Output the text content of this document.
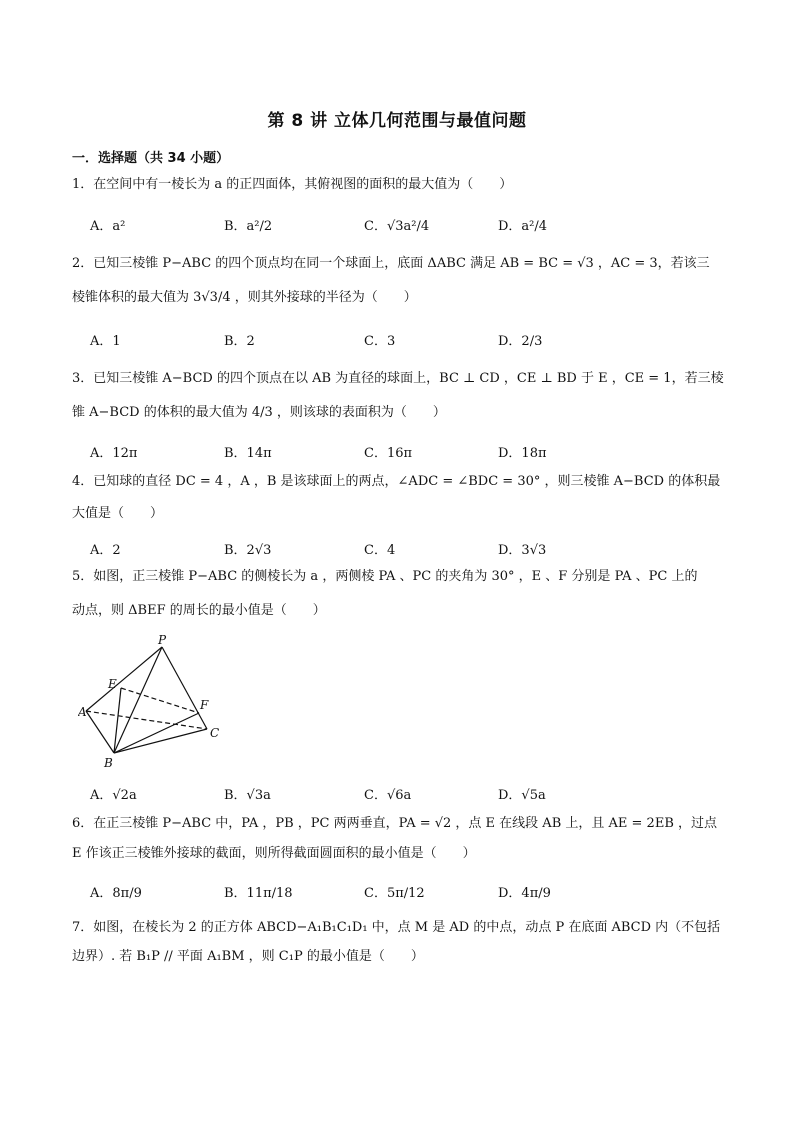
第 8 讲 立体几何范围与最值问题
一．选择题（共 34 小题）
1．在空间中有一棱长为 a 的正四面体，其俯视图的面积的最大值为（　　）
A．a²	B．a²/2	C．√3a²/4	D．a²/4
2．已知三棱锥 P−ABC 的四个顶点均在同一个球面上，底面 ΔABC 满足 AB = BC = √3 ，AC = 3，若该三
棱锥体积的最大值为 3√3/4 ，则其外接球的半径为（　　）
A．1	B．2	C．3	D．2/3
3．已知三棱锥 A−BCD 的四个顶点在以 AB 为直径的球面上，BC ⊥ CD ，CE ⊥ BD 于 E ，CE = 1，若三棱
锥 A−BCD 的体积的最大值为 4/3 ，则该球的表面积为（　　）
A．12π	B．14π	C．16π	D．18π
4．已知球的直径 DC = 4 ，A ，B 是该球面上的两点，∠ADC = ∠BDC = 30° ，则三棱锥 A−BCD 的体积最
大值是（　　）
A．2	B．2√3	C．4	D．3√3
5．如图，正三棱锥 P−ABC 的侧棱长为 a ，两侧棱 PA 、PC 的夹角为 30° ，E 、F 分别是 PA 、PC 上的
动点，则 ΔBEF 的周长的最小值是（　　）
P
E
F
A
C
B
A．√2a	B．√3a	C．√6a	D．√5a
6．在正三棱锥 P−ABC 中，PA ，PB ，PC 两两垂直，PA = √2 ，点 E 在线段 AB 上，且 AE = 2EB ，过点
E 作该正三棱锥外接球的截面，则所得截面圆面积的最小值是（　　）
A．8π/9	B．11π/18	C．5π/12	D．4π/9
7．如图，在棱长为 2 的正方体 ABCD−A₁B₁C₁D₁ 中，点 M 是 AD 的中点，动点 P 在底面 ABCD 内（不包括
边界）. 若 B₁P // 平面 A₁BM ，则 C₁P 的最小值是（　　）
